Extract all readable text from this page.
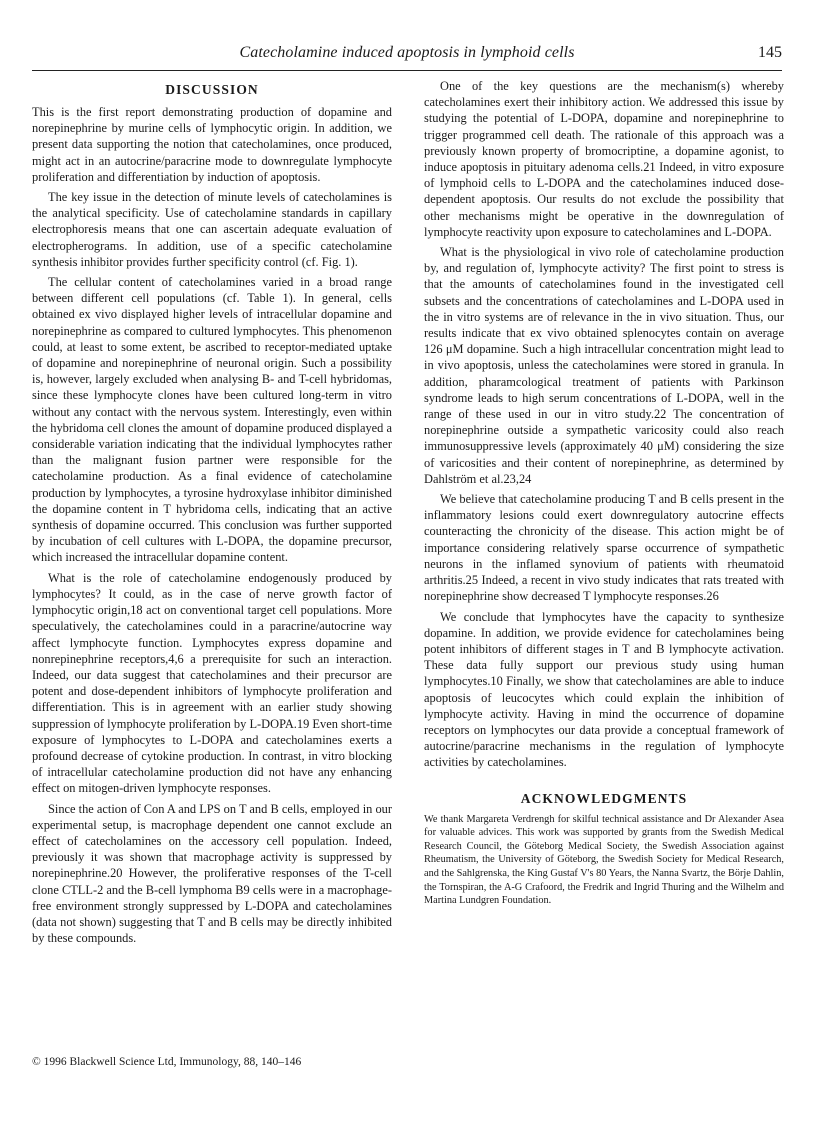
Catecholamine induced apoptosis in lymphoid cells	145
DISCUSSION

This is the first report demonstrating production of dopamine and norepinephrine by murine cells of lymphocytic origin. In addition, we present data supporting the notion that catecholamines, once produced, might act in an autocrine/paracrine mode to downregulate lymphocyte proliferation and differentiation by induction of apoptosis.

The key issue in the detection of minute levels of catecholamines is the analytical specificity. Use of catecholamine standards in capillary electrophoresis means that one can ascertain adequate evaluation of electropherograms. In addition, use of a specific catecholamine synthesis inhibitor provides further specificity control (cf. Fig. 1).

The cellular content of catecholamines varied in a broad range between different cell populations (cf. Table 1). In general, cells obtained ex vivo displayed higher levels of intracellular dopamine and norepinephrine as compared to cultured lymphocytes. This phenomenon could, at least to some extent, be ascribed to receptor-mediated uptake of dopamine and norepinephrine of neuronal origin. Such a possibility is, however, largely excluded when analysing B- and T-cell hybridomas, since these lymphocyte clones have been cultured long-term in vitro without any contact with the nervous system. Interestingly, even within the hybridoma cell clones the amount of dopamine produced displayed a considerable variation indicating that the individual lymphocytes rather than the malignant fusion partner were responsible for the catecholamine production. As a final evidence of catecholamine production by lymphocytes, a tyrosine hydroxylase inhibitor diminished the dopamine content in T hybridoma cells, indicating that an active synthesis of dopamine occurred. This conclusion was further supported by incubation of cell cultures with L-DOPA, the dopamine precursor, which increased the intracellular dopamine content.

What is the role of catecholamine endogenously produced by lymphocytes? It could, as in the case of nerve growth factor of lymphocytic origin,18 act on conventional target cell populations. More speculatively, the catecholamines could in a paracrine/autocrine way affect lymphocyte function. Lymphocytes express dopamine and nonrepinephrine receptors,4,6 a prerequisite for such an interaction. Indeed, our data suggest that catecholamines and their precursor are potent and dose-dependent inhibitors of lymphocyte proliferation and differentiation. This is in agreement with an earlier study showing suppression of lymphocyte proliferation by L-DOPA.19 Even short-time exposure of lymphocytes to L-DOPA and catecholamines exerts a profound decrease of cytokine production. In contrast, in vitro blocking of intracellular catecholamine production did not have any enhancing effect on mitogen-driven lymphocyte responses.

Since the action of Con A and LPS on T and B cells, employed in our experimental setup, is macrophage dependent one cannot exclude an effect of catecholamines on the accessory cell population. Indeed, previously it was shown that macrophage activity is suppressed by norepinephrine.20 However, the proliferative responses of the T-cell clone CTLL-2 and the B-cell lymphoma B9 cells were in a macrophage-free environment strongly suppressed by L-DOPA and catecholamines (data not shown) suggesting that T and B cells may be directly inhibited by these compounds.

One of the key questions are the mechanism(s) whereby catecholamines exert their inhibitory action. We addressed this issue by studying the potential of L-DOPA, dopamine and norepinephrine to trigger programmed cell death. The rationale of this approach was a previously known property of bromocriptine, a dopamine agonist, to induce apoptosis in pituitary adenoma cells.21 Indeed, in vitro exposure of lymphoid cells to L-DOPA and the catecholamines induced dose-dependent apoptosis. Our results do not exclude the possibility that other mechanisms might be operative in the downregulation of lymphocyte reactivity upon exposure to catecholamines and L-DOPA.

What is the physiological in vivo role of catecholamine production by, and regulation of, lymphocyte activity? The first point to stress is that the amounts of catecholamines found in the investigated cell subsets and the concentrations of catecholamines and L-DOPA used in the in vitro systems are of relevance in the in vivo situation. Thus, our results indicate that ex vivo obtained splenocytes contain on average 126 μM dopamine. Such a high intracellular concentration might lead to in vivo apoptosis, unless the catecholamines were stored in granula. In addition, pharamcological treatment of patients with Parkinson syndrome leads to high serum concentrations of L-DOPA, well in the range of these used in our in vitro study.22 The concentration of norepinephrine outside a sympathetic varicosity could also reach immunosuppressive levels (approximately 40 μM) considering the size of varicosities and their content of norepinephrine, as determined by Dahlström et al.23,24

We believe that catecholamine producing T and B cells present in the inflammatory lesions could exert downregulatory autocrine effects counteracting the chronicity of the disease. This action might be of importance considering relatively sparse occurrence of sympathetic neurons in the inflamed synovium of patients with rheumatoid arthritis.25 Indeed, a recent in vivo study indicates that rats treated with norepinephrine show decreased T lymphocyte responses.26

We conclude that lymphocytes have the capacity to synthesize dopamine. In addition, we provide evidence for catecholamines being potent inhibitors of different stages in T and B lymphocyte activation. These data fully support our previous study using human lymphocytes.10 Finally, we show that catecholamines are able to induce apoptosis of leucocytes which could explain the inhibition of lymphocyte activity. Having in mind the occurrence of dopamine receptors on lymphocytes our data provide a conceptual framework of autocrine/paracrine mechanisms in the regulation of lymphocyte activities by catecholamines.

ACKNOWLEDGMENTS

We thank Margareta Verdrengh for skilful technical assistance and Dr Alexander Asea for valuable advices. This work was supported by grants from the Swedish Medical Research Council, the Göteborg Medical Society, the Swedish Association against Rheumatism, the University of Göteborg, the Swedish Society for Medical Research, and the Sahlgrenska, the King Gustaf V's 80 Years, the Nanna Svartz, the Börje Dahlin, the Tornspiran, the A-G Crafoord, the Fredrik and Ingrid Thuring and the Wilhelm and Martina Lundgren Foundation.

© 1996 Blackwell Science Ltd, Immunology, 88, 140–146
